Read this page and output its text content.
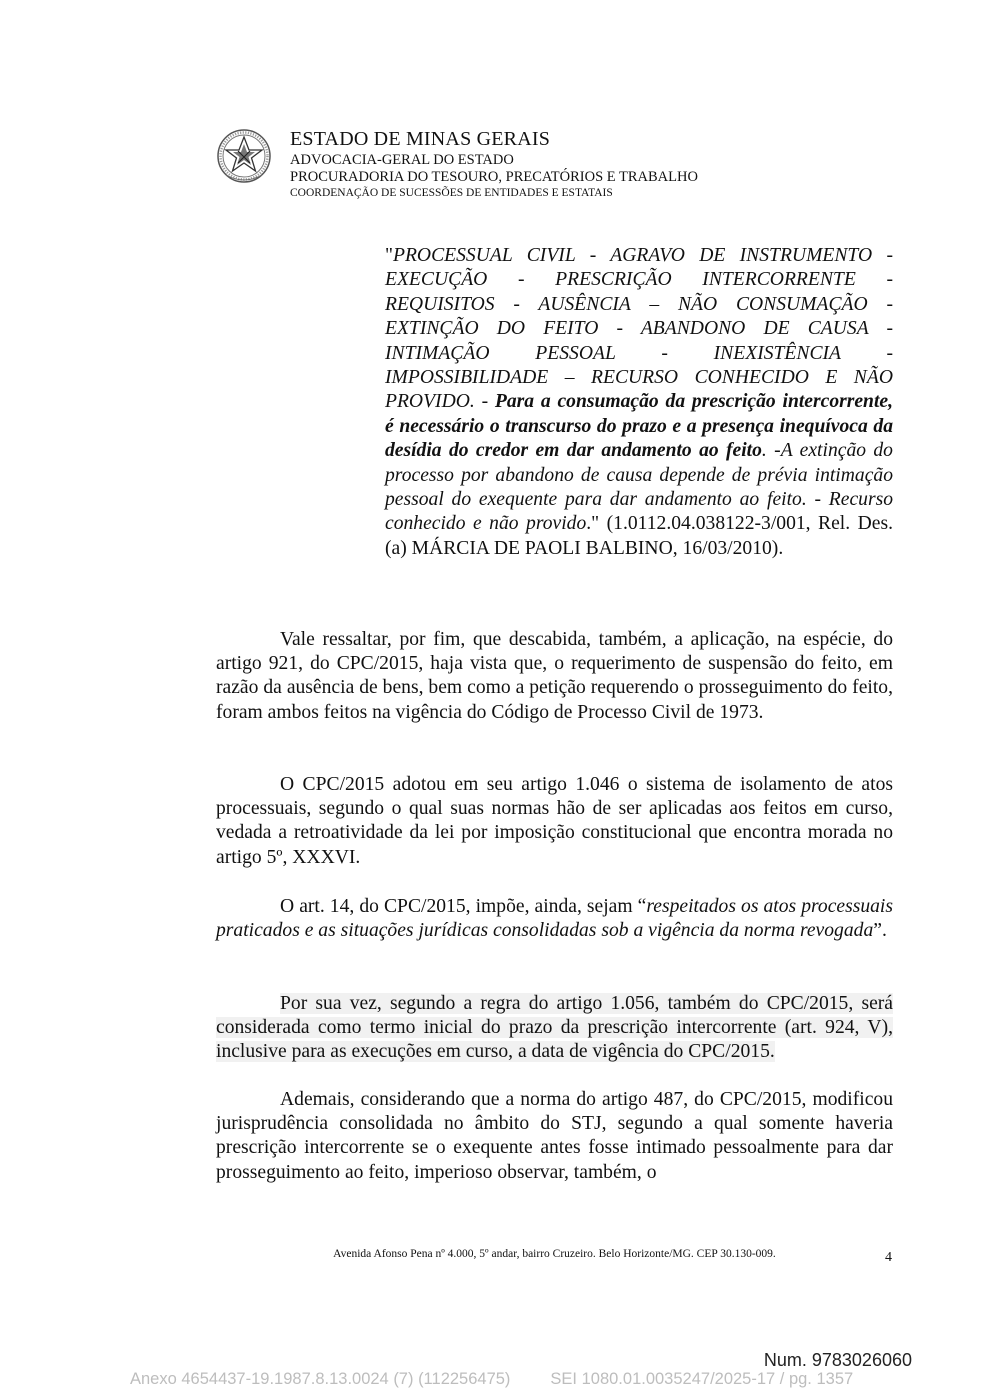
ESTADO DE MINAS GERAIS
ADVOCACIA-GERAL DO ESTADO
PROCURADORIA DO TESOURO, PRECATÓRIOS E TRABALHO
COORDENAÇÃO DE SUCESSÕES DE ENTIDADES E ESTATAIS
"PROCESSUAL CIVIL - AGRAVO DE INSTRUMENTO - EXECUÇÃO - PRESCRIÇÃO INTERCORRENTE - REQUISITOS - AUSÊNCIA – NÃO CONSUMAÇÃO - EXTINÇÃO DO FEITO - ABANDONO DE CAUSA - INTIMAÇÃO PESSOAL - INEXISTÊNCIA - IMPOSSIBILIDADE – RECURSO CONHECIDO E NÃO PROVIDO. - Para a consumação da prescrição intercorrente, é necessário o transcurso do prazo e a presença inequívoca da desídia do credor em dar andamento ao feito. -A extinção do processo por abandono de causa depende de prévia intimação pessoal do exequente para dar andamento ao feito. - Recurso conhecido e não provido." (1.0112.04.038122-3/001, Rel. Des. (a) MÁRCIA DE PAOLI BALBINO, 16/03/2010).

Vale ressaltar, por fim, que descabida, também, a aplicação, na espécie, do artigo 921, do CPC/2015, haja vista que, o requerimento de suspensão do feito, em razão da ausência de bens, bem como a petição requerendo o prosseguimento do feito, foram ambos feitos na vigência do Código de Processo Civil de 1973.

O CPC/2015 adotou em seu artigo 1.046 o sistema de isolamento de atos processuais, segundo o qual suas normas hão de ser aplicadas aos feitos em curso, vedada a retroatividade da lei por imposição constitucional que encontra morada no artigo 5º, XXXVI.

O art. 14, do CPC/2015, impõe, ainda, sejam “respeitados os atos processuais praticados e as situações jurídicas consolidadas sob a vigência da norma revogada”.

Por sua vez, segundo a regra do artigo 1.056, também do CPC/2015, será considerada como termo inicial do prazo da prescrição intercorrente (art. 924, V), inclusive para as execuções em curso, a data de vigência do CPC/2015.

Ademais, considerando que a norma do artigo 487, do CPC/2015, modificou jurisprudência consolidada no âmbito do STJ, segundo a qual somente haveria prescrição intercorrente se o exequente antes fosse intimado pessoalmente para dar prosseguimento ao feito, imperioso observar, também, o

Avenida Afonso Pena nº 4.000, 5º andar, bairro Cruzeiro. Belo Horizonte/MG. CEP 30.130-009.	4
Num. 9783026060
Anexo 4654437-19.1987.8.13.0024 (7) (112256475) SEI 1080.01.0035247/2025-17 / pg. 1357
